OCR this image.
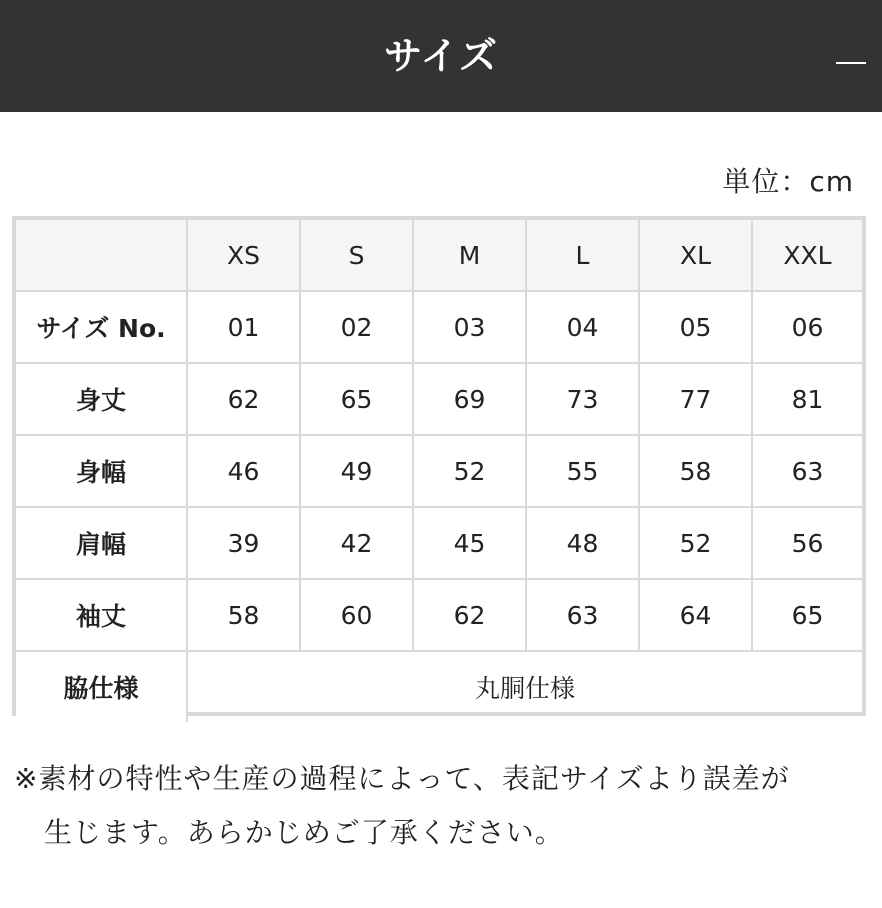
サイズ
単位：cm
	XS	S	M	L	XL	XXL
サイズ No.	01	02	03	04	05	06
身丈	62	65	69	73	77	81
身幅	46	49	52	55	58	63
肩幅	39	42	45	48	52	56
袖丈	58	60	62	63	64	65
脇仕様	丸胴仕様					
※素材の特性や生産の過程によって、表記サイズより誤差が
生じます。あらかじめご了承ください。
